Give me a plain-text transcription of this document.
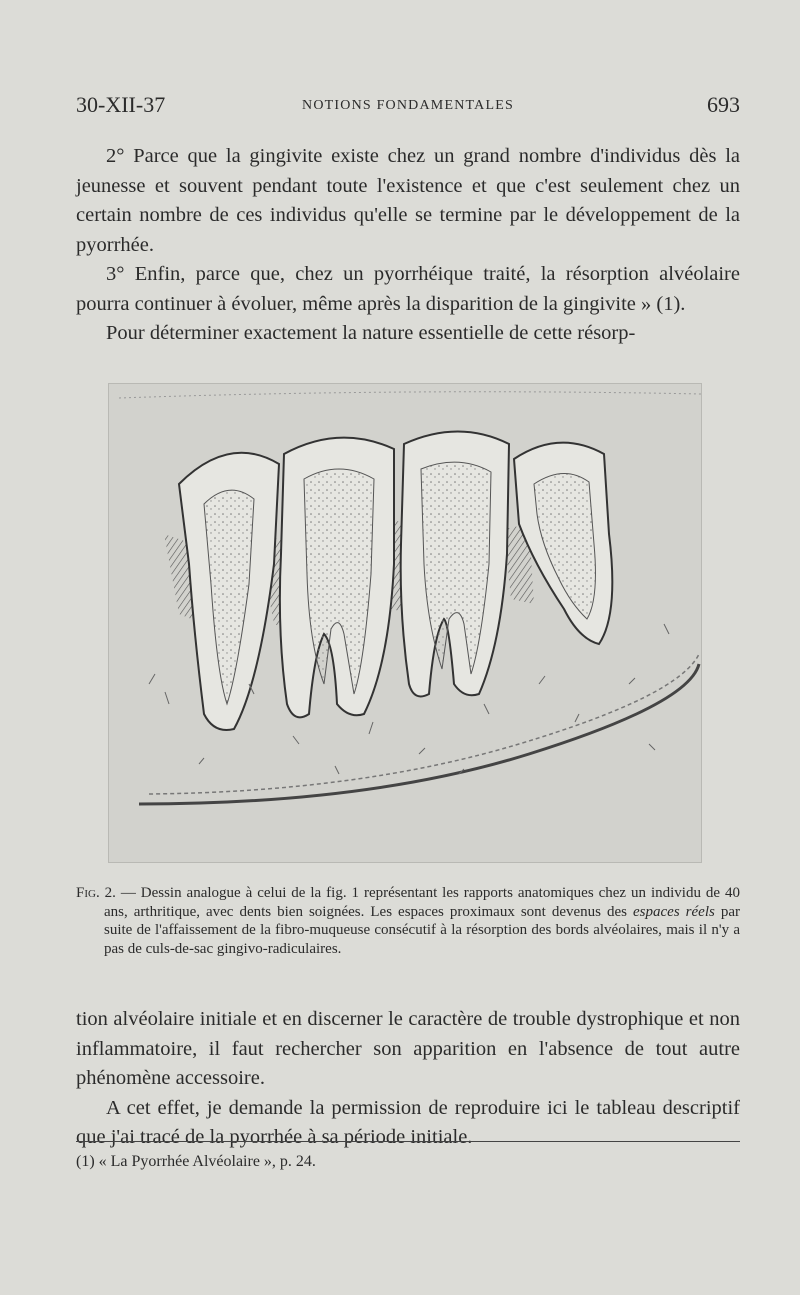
30-XII-37	NOTIONS FONDAMENTALES	693

2° Parce que la gingivite existe chez un grand nombre d'individus dès la jeunesse et souvent pendant toute l'existence et que c'est seulement chez un certain nombre de ces individus qu'elle se termine par le développement de la pyorrhée.

3° Enfin, parce que, chez un pyorrhéique traité, la résorption alvéolaire pourra continuer à évoluer, même après la disparition de la gingivite » (1).

Pour déterminer exactement la nature essentielle de cette résorp-

Fig. 2. — Dessin analogue à celui de la fig. 1 représentant les rapports anatomiques chez un individu de 40 ans, arthritique, avec dents bien soignées. Les espaces proximaux sont devenus des espaces réels par suite de l'affaissement de la fibro-muqueuse consécutif à la résorption des bords alvéolaires, mais il n'y a pas de culs-de-sac gingivo-radiculaires.

tion alvéolaire initiale et en discerner le caractère de trouble dystrophique et non inflammatoire, il faut rechercher son apparition en l'absence de tout autre phénomène accessoire.

A cet effet, je demande la permission de reproduire ici le tableau descriptif que j'ai tracé de la pyorrhée à sa période initiale.

(1) « La Pyorrhée Alvéolaire », p. 24.
